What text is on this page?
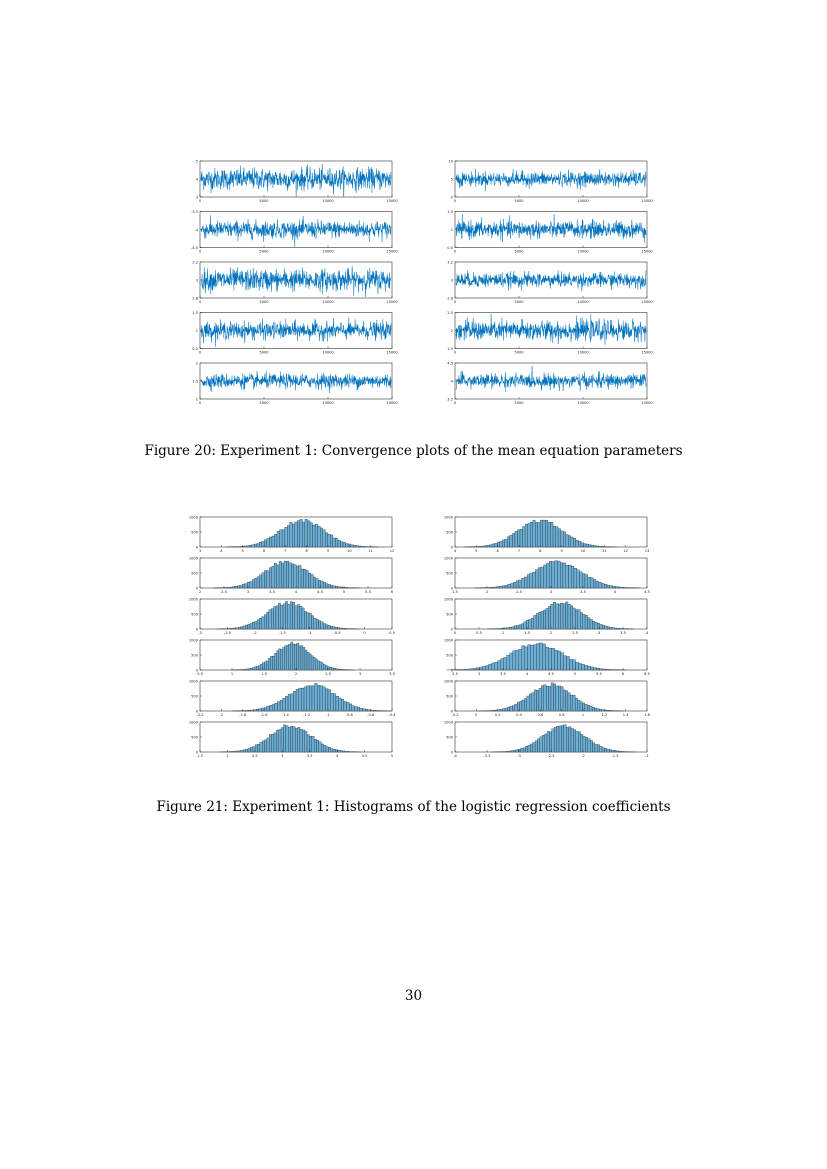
3
4
5
0	5000	10000	15000
-4.5
-4
-3.5
0	5000	10000	15000
2.8
3
3.2
0	5000	10000	15000
0.5
1
1.5
0	5000	10000	15000
1
1.5
2
0	5000	10000	15000
0
5
10
0	5000	10000	15000
0.5
1
1.5
0	5000	10000	15000
2.8
3
3.2
0	5000	10000	15000
1.5
2
2.5
0	5000	10000	15000
3.5
4
4.5
0	5000	10000	15000
Figure 20: Experiment 1: Convergence plots of the mean equation parameters
0
500
1000
3	4	5	6	7	8	9	10	11	12
0
500
1000
2	2.5	3	3.5	4	4.5	5	5.5	6
0
500
1000
-3	-2.5	-2	-1.5	-1	-0.5	0	0.5
0
500
1000
0.5	1	1.5	2	2.5	3	3.5
0
500
1000
-2.2	-2	-1.8	-1.6	-1.4	-1.2	-1	-0.8	-0.6	-0.4
0
500
1000
1.5	2	2.5	3	3.5	4	4.5	5
0
500
1000
4	5	6	7	8	9	10	11	12	13
0
500
1000
1.5	2	2.5	3	3.5	4	4.5
0
500
1000
0	0.5	1	1.5	2	2.5	3	3.5	4
0
500
1000
2.5	3	3.5	4	4.5	5	5.5	6	6.5
0
500
1000
-0.2	0	0.2	0.4	0.6	0.8	1	1.2	1.4	1.6
0
500
1000
-4	-3.5	-3	-2.5	-2	-1.5	-1
Figure 21: Experiment 1: Histograms of the logistic regression coefficients
30
